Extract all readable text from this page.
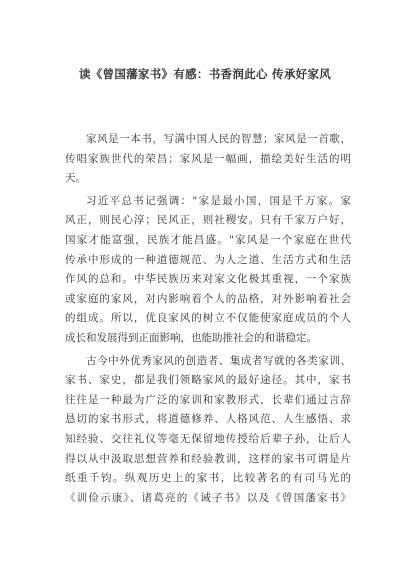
读《曾国藩家书》有感：书香润此心 传承好家风
家风是一本书，写满中国人民的智慧；家风是一首歌，
传唱家族世代的荣昌；家风是一幅画，描绘美好生活的明
天。
习近平总书记强调："家是最小国，国是千万家。家
风正，则民心淳；民风正，则社稷安。只有千家万户好，
国家才能富强，民族才能昌盛。"家风是一个家庭在世代
传承中形成的一种道德规范、为人之道、生活方式和生活
作风的总和。中华民族历来对家文化极其重视，一个家族
或家庭的家风，对内影响着个人的品格，对外影响着社会
的组成。所以，优良家风的树立不仅能使家庭成员的个人
成长和发展得到正面影响，也能助推社会的和谐稳定。
古今中外优秀家风的创造者、集成者写就的各类家训、
家书、家史，都是我们领略家风的最好途径。其中，家书
往往是一种最为广泛的家训和家教形式，长辈们通过言辞
恳切的家书形式，将道德修养、人格风范、人生感悟、求
知经验、交往礼仪等毫无保留地传授给后辈子孙，让后人
得以从中汲取思想营养和经验教训，这样的家书可谓是片
纸重千钧。纵观历史上的家书，比较著名的有司马光的
《训俭示康》、诸葛亮的《诫子书》以及《曾国藩家书》
